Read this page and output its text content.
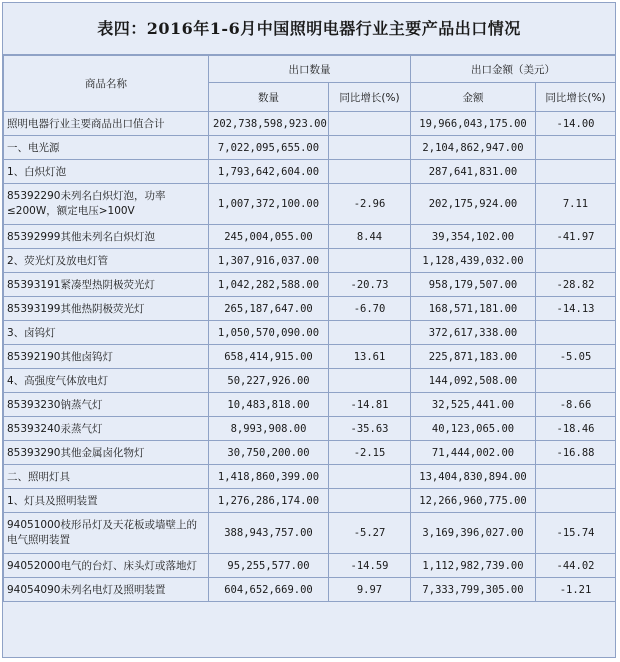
表四：2016年1-6月中国照明电器行业主要产品出口情况
商品名称	出口数量		出口金额（美元）	
	数量	同比增长(%)	金额	同比增长(%)
照明电器行业主要商品出口值合计	202,738,598,923.00		19,966,043,175.00	-14.00
一、电光源	7,022,095,655.00		2,104,862,947.00	
1、白炽灯泡	1,793,642,604.00		287,641,831.00	
85392290未列名白炽灯泡，功率≤200W，额定电压>100V	1,007,372,100.00	-2.96	202,175,924.00	7.11
85392999其他未列名白炽灯泡	245,004,055.00	8.44	39,354,102.00	-41.97
2、荧光灯及放电灯管	1,307,916,037.00		1,128,439,032.00	
85393191紧凑型热阴极荧光灯	1,042,282,588.00	-20.73	958,179,507.00	-28.82
85393199其他热阴极荧光灯	265,187,647.00	-6.70	168,571,181.00	-14.13
3、卤钨灯	1,050,570,090.00		372,617,338.00	
85392190其他卤钨灯	658,414,915.00	13.61	225,871,183.00	-5.05
4、高强度气体放电灯	50,227,926.00		144,092,508.00	
85393230钠蒸气灯	10,483,818.00	-14.81	32,525,441.00	-8.66
85393240汞蒸气灯	8,993,908.00	-35.63	40,123,065.00	-18.46
85393290其他金属卤化物灯	30,750,200.00	-2.15	71,444,002.00	-16.88
二、照明灯具	1,418,860,399.00		13,404,830,894.00	
1、灯具及照明装置	1,276,286,174.00		12,266,960,775.00	
94051000枝形吊灯及天花板或墙壁上的电气照明装置	388,943,757.00	-5.27	3,169,396,027.00	-15.74
94052000电气的台灯、床头灯或落地灯	95,255,577.00	-14.59	1,112,982,739.00	-44.02
94054090未列名电灯及照明装置	604,652,669.00	9.97	7,333,799,305.00	-1.21
